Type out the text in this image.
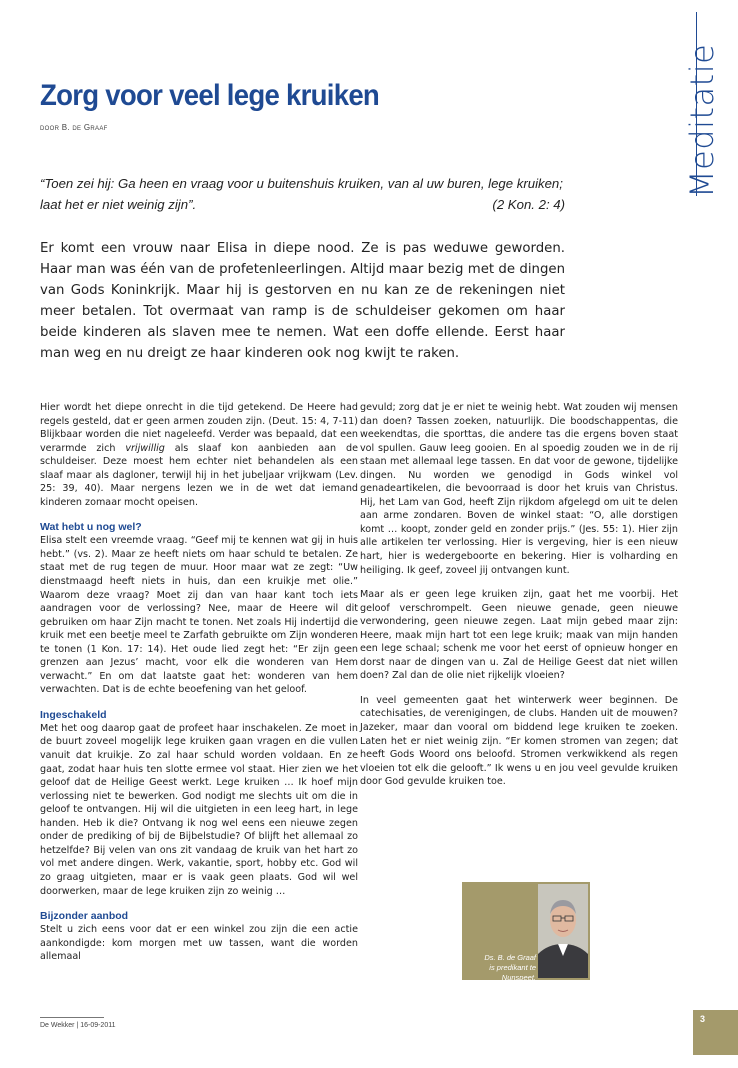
Meditatie
Zorg voor veel lege kruiken
door B. de Graaf
“Toen zei hij: Ga heen en vraag voor u buitenshuis kruiken, van al uw buren, lege kruiken; laat het er niet weinig zijn”.	(2 Kon. 2: 4)
Er komt een vrouw naar Elisa in diepe nood. Ze is pas weduwe geworden. Haar man was één van de profetenleerlingen. Altijd maar bezig met de dingen van Gods Koninkrijk. Maar hij is gestorven en nu kan ze de rekeningen niet meer betalen. Tot overmaat van ramp is de schuldeiser gekomen om haar beide kinderen als slaven mee te nemen. Wat een doffe ellende. Eerst haar man weg en nu dreigt ze haar kinderen ook nog kwijt te raken.

Hier wordt het diepe onrecht in die tijd getekend. De Heere had regels gesteld, dat er geen armen zouden zijn. (Deut. 15: 4, 7-11) Blijkbaar worden die niet nageleefd. Verder was bepaald, dat een verarmde zich vrijwillig als slaaf kon aanbieden aan de schuldeiser. Deze moest hem echter niet behandelen als een slaaf maar als dagloner, terwijl hij in het jubeljaar vrijkwam (Lev. 25: 39, 40). Maar nergens lezen we in de wet dat iemand kinderen zomaar mocht opeisen.

Wat hebt u nog wel?

Elisa stelt een vreemde vraag. “Geef mij te kennen wat gij in huis hebt.” (vs. 2). Maar ze heeft niets om haar schuld te betalen. Ze staat met de rug tegen de muur. Hoor maar wat ze zegt: “Uw dienstmaagd heeft niets in huis, dan een kruikje met olie.” Waarom deze vraag? Moet zij dan van haar kant toch iets aandragen voor de verlossing? Nee, maar de Heere wil dit gebruiken om haar Zijn macht te tonen. Net zoals Hij indertijd die kruik met een beetje meel te Zarfath gebruikte om Zijn wonderen te tonen (1 Kon. 17: 14). Het oude lied zegt het: “Er zijn geen grenzen aan Jezus’ macht, voor elk die wonderen van Hem verwacht.” En om dat laatste gaat het: wonderen van hem verwachten. Dat is de echte beoefening van het geloof.

Ingeschakeld

Met het oog daarop gaat de profeet haar inschakelen. Ze moet in de buurt zoveel mogelijk lege kruiken gaan vragen en die vullen vanuit dat kruikje. Zo zal haar schuld worden voldaan. En ze gaat, zodat haar huis ten slotte ermee vol staat. Hier zien we het geloof dat de Heilige Geest werkt. Lege kruiken … Ik hoef mijn verlossing niet te bewerken. God nodigt me slechts uit om die in geloof te ontvangen. Hij wil die uitgieten in een leeg hart, in lege handen. Heb ik die? Ontvang ik nog wel eens een nieuwe zegen onder de prediking of bij de Bijbelstudie? Of blijft het allemaal zo hetzelfde? Bij velen van ons zit vandaag de kruik van het hart zo vol met andere dingen. Werk, vakantie, sport, hobby etc. God wil zo graag uitgieten, maar er is vaak geen plaats. God wil wel doorwerken, maar de lege kruiken zijn zo weinig …

Bijzonder aanbod

Stelt u zich eens voor dat er een winkel zou zijn die een actie aankondigde: kom morgen met uw tassen, want die worden allemaal

gevuld; zorg dat je er niet te weinig hebt. Wat zouden wij mensen dan doen? Tassen zoeken, natuurlijk. Die boodschappentas, die weekendtas, die sporttas, die andere tas die ergens boven staat vol spullen. Gauw leeg gooien. En al spoedig zouden we in de rij staan met allemaal lege tassen. En dat voor de gewone, tijdelijke dingen. Nu worden we genodigd in Gods winkel vol genadeartikelen, die bevoorraad is door het kruis van Christus. Hij, het Lam van God, heeft Zijn rijkdom afgelegd om uit te delen aan arme zondaren. Boven de winkel staat: “O, alle dorstigen komt … koopt, zonder geld en zonder prijs.” (Jes. 55: 1). Hier zijn alle artikelen ter verlossing. Hier is vergeving, hier is een nieuw hart, hier is wedergeboorte en bekering. Hier is volharding en heiliging. Ik geef, zoveel jij ontvangen kunt.

Maar als er geen lege kruiken zijn, gaat het me voorbij. Het geloof verschrompelt. Geen nieuwe genade, geen nieuwe verwondering, geen nieuwe zegen. Laat mijn gebed maar zijn: Heere, maak mijn hart tot een lege kruik; maak van mijn handen een lege schaal; schenk me voor het eerst of opnieuw honger en dorst naar de dingen van u. Zal de Heilige Geest dat niet willen doen? Zal dan de olie niet rijkelijk vloeien?

In veel gemeenten gaat het winterwerk weer beginnen. De catechisaties, de verenigingen, de clubs. Handen uit de mouwen? Jazeker, maar dan vooral om biddend lege kruiken te zoeken. Laten het er niet weinig zijn. “Er komen stromen van zegen; dat heeft Gods Woord ons beloofd. Stromen verkwikkend als regen vloeien tot elk die gelooft.” Ik wens u en jou veel gevulde kruiken door God gevulde kruiken toe.

Ds. B. de Graaf
is predikant te Nunspeet.
De Wekker | 16-09-2011
3
